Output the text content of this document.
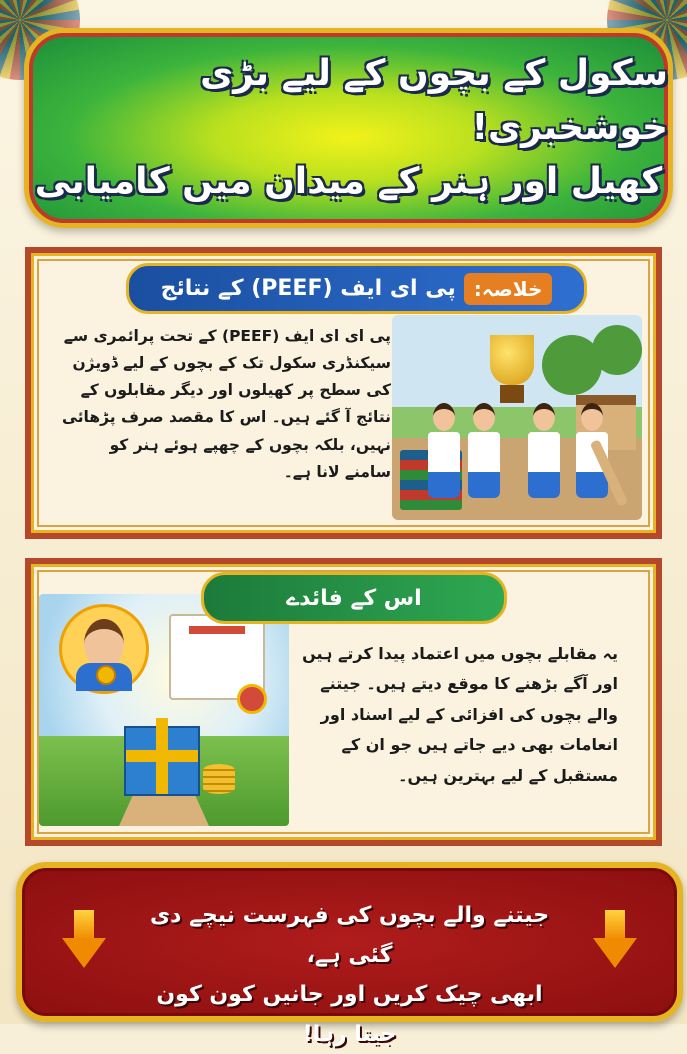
سکول کے بچوں کے لیے بڑی خوشخبری!
کھیل اور ہنر کے میدان میں کامیابی
خلاصہ:
پی ای ایف (PEEF) کے نتائج
پی ای ای ایف (PEEF) کے تحت پرائمری سے سیکنڈری سکول تک کے بچوں کے لیے ڈویژن کی سطح پر کھیلوں اور دیگر مقابلوں کے نتائج آ گئے ہیں۔ اس کا مقصد صرف پڑھائی نہیں، بلکہ بچوں کے چھپے ہوئے ہنر کو سامنے لانا ہے۔
اس کے فائدے
یہ مقابلے بچوں میں اعتماد پیدا کرتے ہیں اور آگے بڑھنے کا موقع دیتے ہیں۔ جیتنے والے بچوں کی افزائی کے لیے اسناد اور انعامات بھی دیے جاتے ہیں جو ان کے مستقبل کے لیے بہترین ہیں۔
جیتنے والے بچوں کی فہرست نیچے دی گئی ہے،
ابھی چیک کریں اور جانیں کون کون جیتا رہا!
